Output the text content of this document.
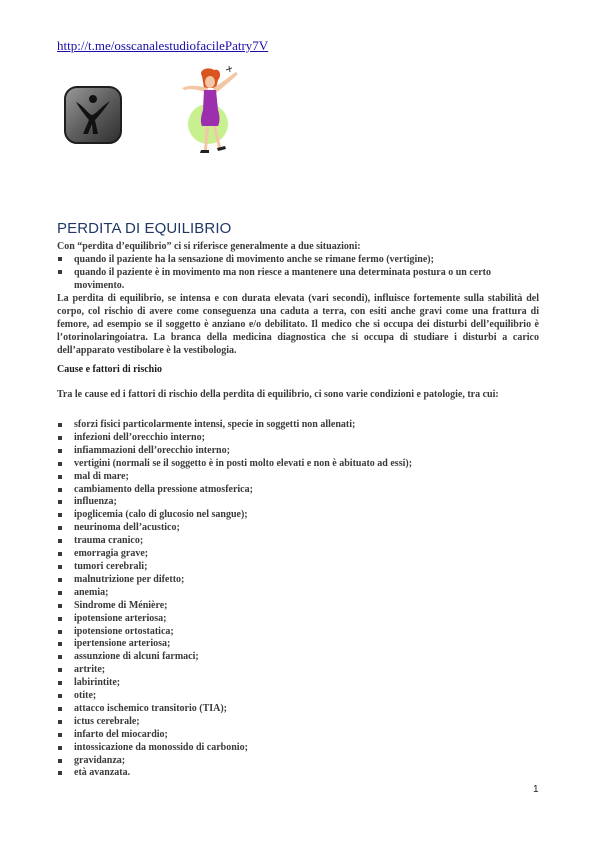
http://t.me/osscanalestudiofacilePatry7V
PERDITA DI EQUILIBRIO

Con “perdita d’equilibrio” ci si riferisce generalmente a due situazioni:

quando il paziente ha la sensazione di movimento anche se rimane fermo (vertigine);
quando il paziente è in movimento ma non riesce a mantenere una determinata postura o un certo movimento.

La perdita di equilibrio, se intensa e con durata elevata (vari secondi), influisce fortemente sulla stabilità del corpo, col rischio di avere come conseguenza una caduta a terra, con esiti anche gravi come una frattura di femore, ad esempio se il soggetto è anziano e/o debilitato. Il medico che si occupa dei disturbi dell’equilibrio è l’otorinolaringoiatra. La branca della medicina diagnostica che si occupa di studiare i disturbi a carico dell’apparato vestibolare è la vestibologia.

Cause e fattori di rischio

Tra le cause ed i fattori di rischio della perdita di equilibrio, ci sono varie condizioni e patologie, tra cui:

sforzi fisici particolarmente intensi, specie in soggetti non allenati;
infezioni dell’orecchio interno;
infiammazioni dell’orecchio interno;
vertigini (normali se il soggetto è in posti molto elevati e non è abituato ad essi);
mal di mare;
cambiamento della pressione atmosferica;
influenza;
ipoglicemia (calo di glucosio nel sangue);
neurinoma dell’acustico;
trauma cranico;
emorragia grave;
tumori cerebrali;
malnutrizione per difetto;
anemia;
Sindrome di Ménière;
ipotensione arteriosa;
ipotensione ortostatica;
ipertensione arteriosa;
assunzione di alcuni farmaci;
artrite;
labirintite;
otite;
attacco ischemico transitorio (TIA);
ictus cerebrale;
infarto del miocardio;
intossicazione da monossido di carbonio;
gravidanza;
età avanzata.
1
